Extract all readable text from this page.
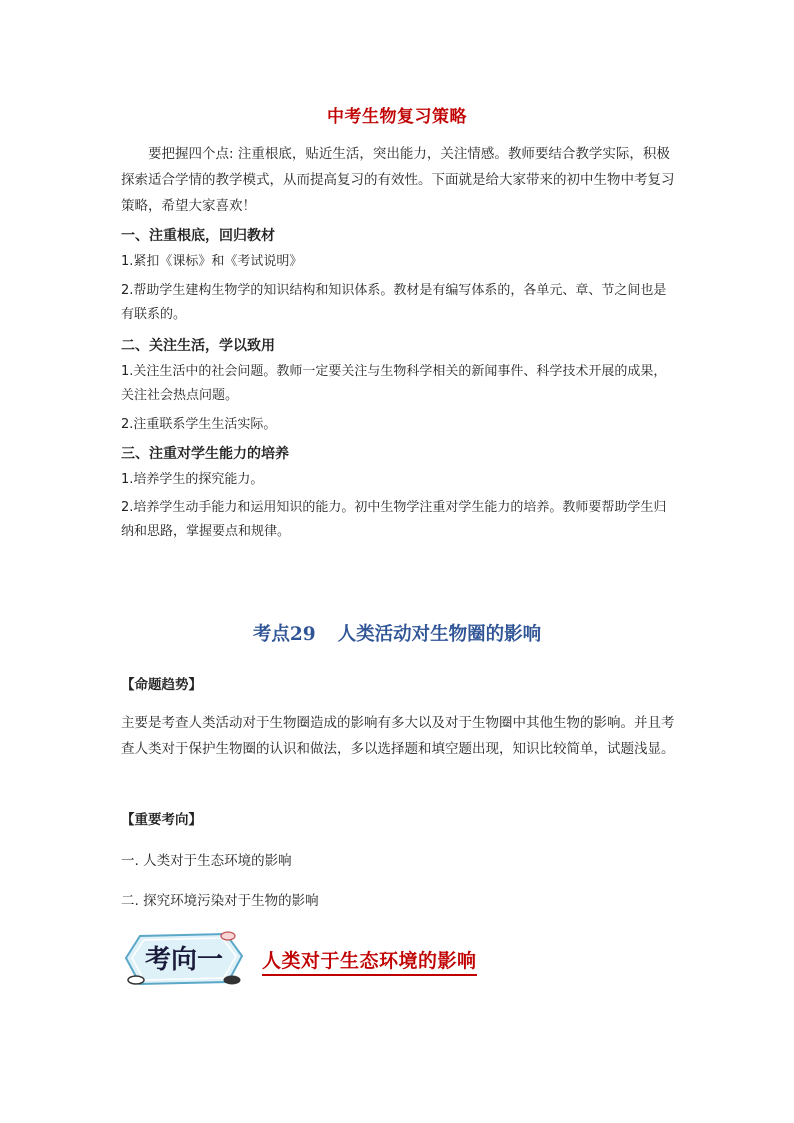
中考生物复习策略
要把握四个点: 注重根底，贴近生活，突出能力，关注情感。教师要结合教学实际，积极探索适合学情的教学模式，从而提高复习的有效性。下面就是给大家带来的初中生物中考复习策略，希望大家喜欢！
一、注重根底，回归教材
1.紧扣《课标》和《考试说明》
2.帮助学生建构生物学的知识结构和知识体系。教材是有编写体系的，各单元、章、节之间也是有联系的。
二、关注生活，学以致用
1.关注生活中的社会问题。教师一定要关注与生物科学相关的新闻事件、科学技术开展的成果，关注社会热点问题。
2.注重联系学生生活实际。
三、注重对学生能力的培养
1.培养学生的探究能力。
2.培养学生动手能力和运用知识的能力。初中生物学注重对学生能力的培养。教师要帮助学生归纳和思路，掌握要点和规律。
考点29 人类活动对生物圈的影响
【命题趋势】
主要是考查人类活动对于生物圈造成的影响有多大以及对于生物圈中其他生物的影响。并且考查人类对于保护生物圈的认识和做法，多以选择题和填空题出现，知识比较简单，试题浅显。
【重要考向】
一. 人类对于生态环境的影响
二. 探究环境污染对于生物的影响
考向一 人类对于生态环境的影响
